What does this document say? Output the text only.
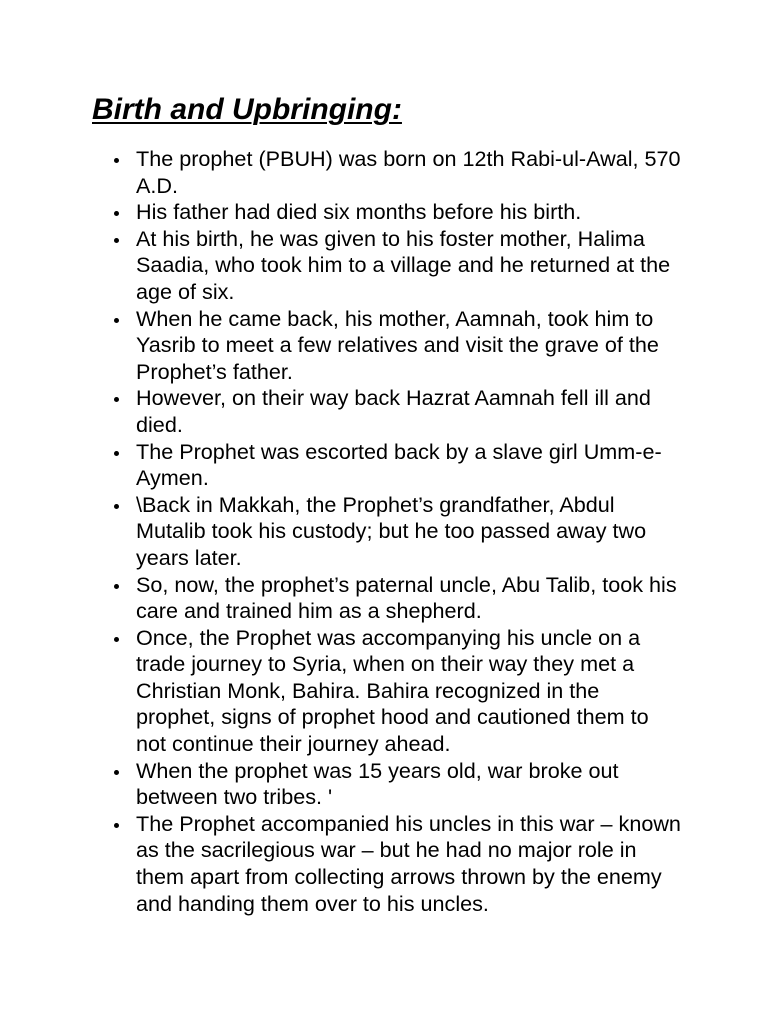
Birth and Upbringing:
The prophet (PBUH) was born on 12th Rabi-ul-Awal, 570 A.D.
His father had died six months before his birth.
At his birth, he was given to his foster mother, Halima Saadia, who took him to a village and he returned at the age of six.
When he came back, his mother, Aamnah, took him to Yasrib to meet a few relatives and visit the grave of the Prophet’s father.
However, on their way back Hazrat Aamnah fell ill and died.
The Prophet was escorted back by a slave girl Umm-e-Aymen.
\Back in Makkah, the Prophet’s grandfather, Abdul Mutalib took his custody; but he too passed away two years later.
So, now, the prophet’s paternal uncle, Abu Talib, took his care and trained him as a shepherd.
Once, the Prophet was accompanying his uncle on a trade journey to Syria, when on their way they met a Christian Monk, Bahira. Bahira recognized in the prophet, signs of prophet hood and cautioned them to not continue their journey ahead.
When the prophet was 15 years old, war broke out between two tribes. '
The Prophet accompanied his uncles in this war – known as the sacrilegious war – but he had no major role in them apart from collecting arrows thrown by the enemy and handing them over to his uncles.
